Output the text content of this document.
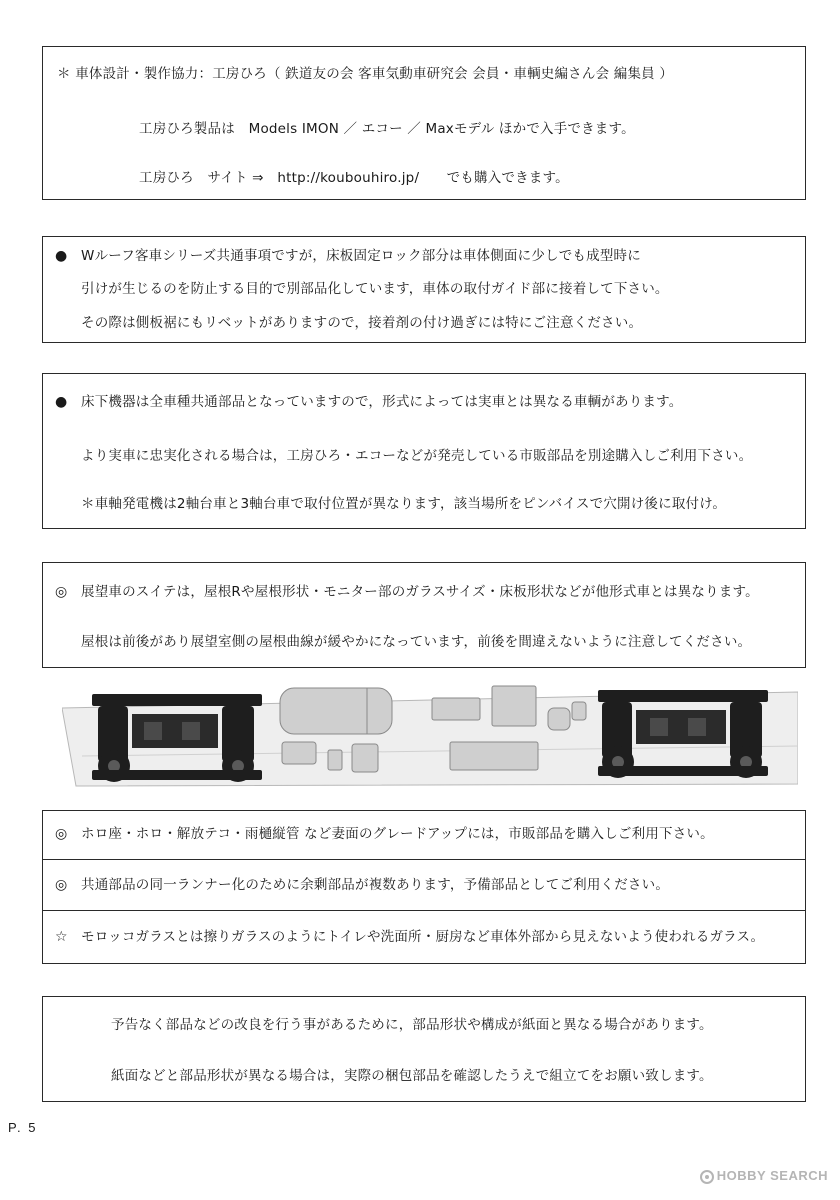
＊ 車体設計・製作協力：工房ひろ（ 鉄道友の会 客車気動車研究会 会員・車輌史編さん会 編集員 ）
工房ひろ製品は　Models IMON ／ エコー ／ Maxモデル ほかで入手できます。
工房ひろ　サイト ⇒　http://koubouhiro.jp/　　でも購入できます。
● Wルーフ客車シリーズ共通事項ですが，床板固定ロック部分は車体側面に少しでも成型時に
引けが生じるのを防止する目的で別部品化しています，車体の取付ガイド部に接着して下さい。
その際は側板裾にもリベットがありますので，接着剤の付け過ぎには特にご注意ください。
● 床下機器は全車種共通部品となっていますので，形式によっては実車とは異なる車輌があります。
より実車に忠実化される場合は，工房ひろ・エコーなどが発売している市販部品を別途購入しご利用下さい。
＊車軸発電機は2軸台車と3軸台車で取付位置が異なります，該当場所をピンバイスで穴開け後に取付け。
◎ 展望車のスイテは，屋根Rや屋根形状・モニター部のガラスサイズ・床板形状などが他形式車とは異なります。
屋根は前後があり展望室側の屋根曲線が緩やかになっています，前後を間違えないように注意してください。
◎ ホロ座・ホロ・解放テコ・雨樋縦管 など妻面のグレードアップには，市販部品を購入しご利用下さい。
◎ 共通部品の同一ランナー化のために余剰部品が複数あります，予備部品としてご利用ください。
☆ モロッコガラスとは擦りガラスのようにトイレや洗面所・厨房など車体外部から見えないよう使われるガラス。
予告なく部品などの改良を行う事があるために，部品形状や構成が紙面と異なる場合があります。
紙面などと部品形状が異なる場合は，実際の梱包部品を確認したうえで組立てをお願い致します。
P. 5
HOBBY SEARCH
